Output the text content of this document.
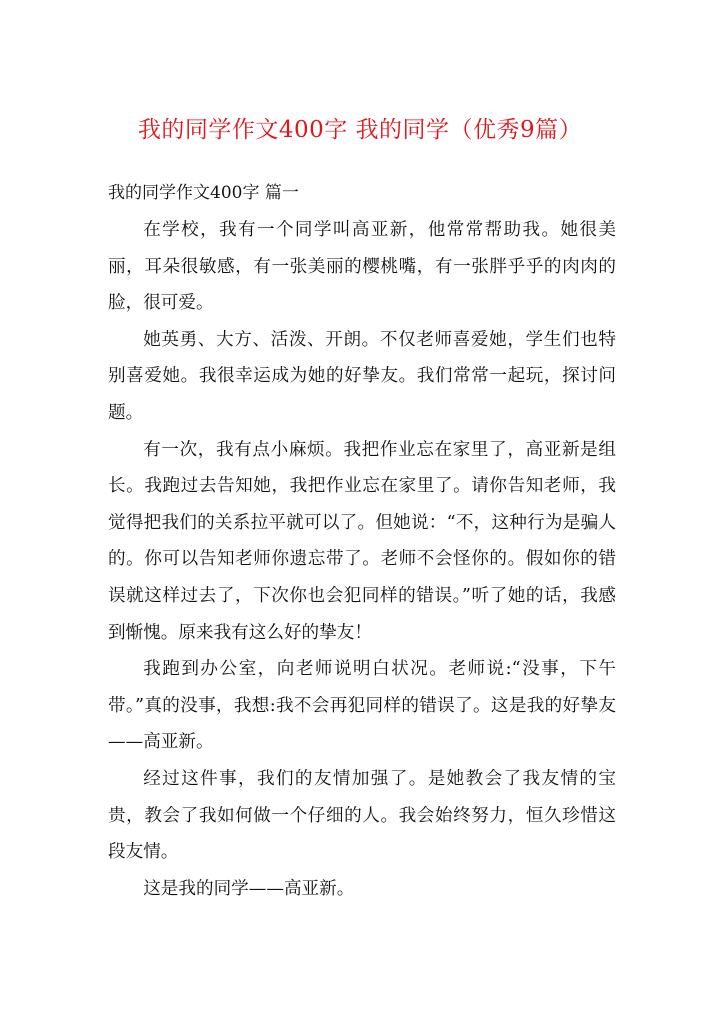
我的同学作文400字 我的同学（优秀9篇）
我的同学作文400字 篇一

在学校，我有一个同学叫高亚新，他常常帮助我。她很美丽，耳朵很敏感，有一张美丽的樱桃嘴，有一张胖乎乎的肉肉的脸，很可爱。

她英勇、大方、活泼、开朗。不仅老师喜爱她，学生们也特别喜爱她。我很幸运成为她的好挚友。我们常常一起玩，探讨问题。

有一次，我有点小麻烦。我把作业忘在家里了，高亚新是组长。我跑过去告知她，我把作业忘在家里了。请你告知老师，我觉得把我们的关系拉平就可以了。但她说：“不，这种行为是骗人的。你可以告知老师你遗忘带了。老师不会怪你的。假如你的错误就这样过去了，下次你也会犯同样的错误。”听了她的话，我感到惭愧。原来我有这么好的挚友！

我跑到办公室，向老师说明白状况。老师说:“没事，下午带。”真的没事，我想:我不会再犯同样的错误了。这是我的好挚友——高亚新。

经过这件事，我们的友情加强了。是她教会了我友情的宝贵，教会了我如何做一个仔细的人。我会始终努力，恒久珍惜这段友情。

这是我的同学——高亚新。
